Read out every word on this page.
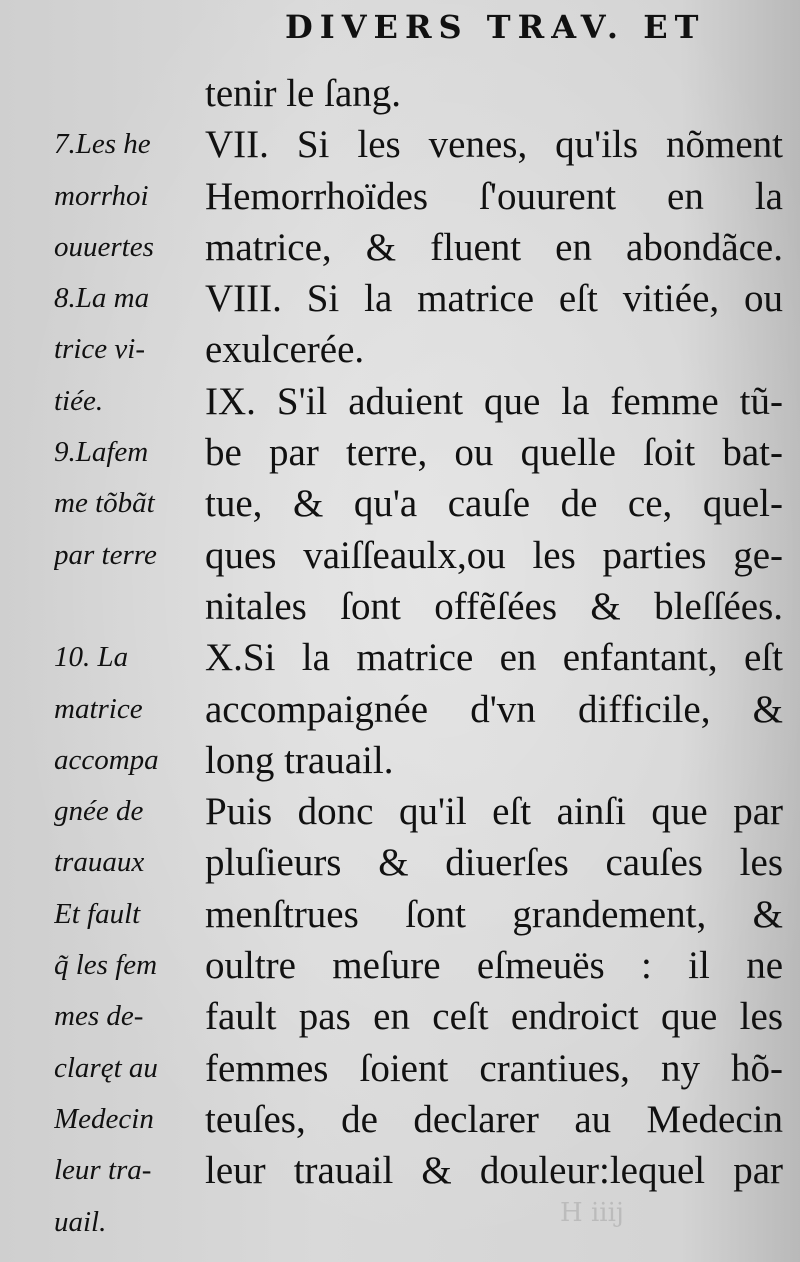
DIVERS TRAV. ET
tenir le ſang.
VII. Si les venes, qu'ils nõment
Hemorrhoïdes ſ'ouurent en la
matrice, & fluent en abondãce.
VIII. Si la matrice eſt vitiée, ou
exulcerée.
IX. S'il aduient que la femme tũ-
be par terre, ou quelle ſoit bat-
tue, & qu'a cauſe de ce, quel-
ques vaiſſeaulx,ou les parties ge-
nitales ſont offẽſées & bleſſées.
X.Si la matrice en enfantant, eſt
accompaignée d'vn difficile, &
long trauail.
Puis donc qu'il eſt ainſi que par
pluſieurs & diuerſes cauſes les
menſtrues ſont grandement, &
oultre meſure eſmeuës : il ne
fault pas en ceſt endroict que les
femmes ſoient crantiues, ny hõ-
teuſes, de declarer au Medecin
leur trauail & douleur:lequel par
7.Les he
morrhoi
ouuertes
8.La ma
trice vi-
tiée.
9.Lafem
me tõbãt
par terre
10. La
matrice
accompa
gnée de
trauaux
Et fault
q̃ les fem
mes de-
claręt au
Medecin
leur tra-
uail.	H iiij
